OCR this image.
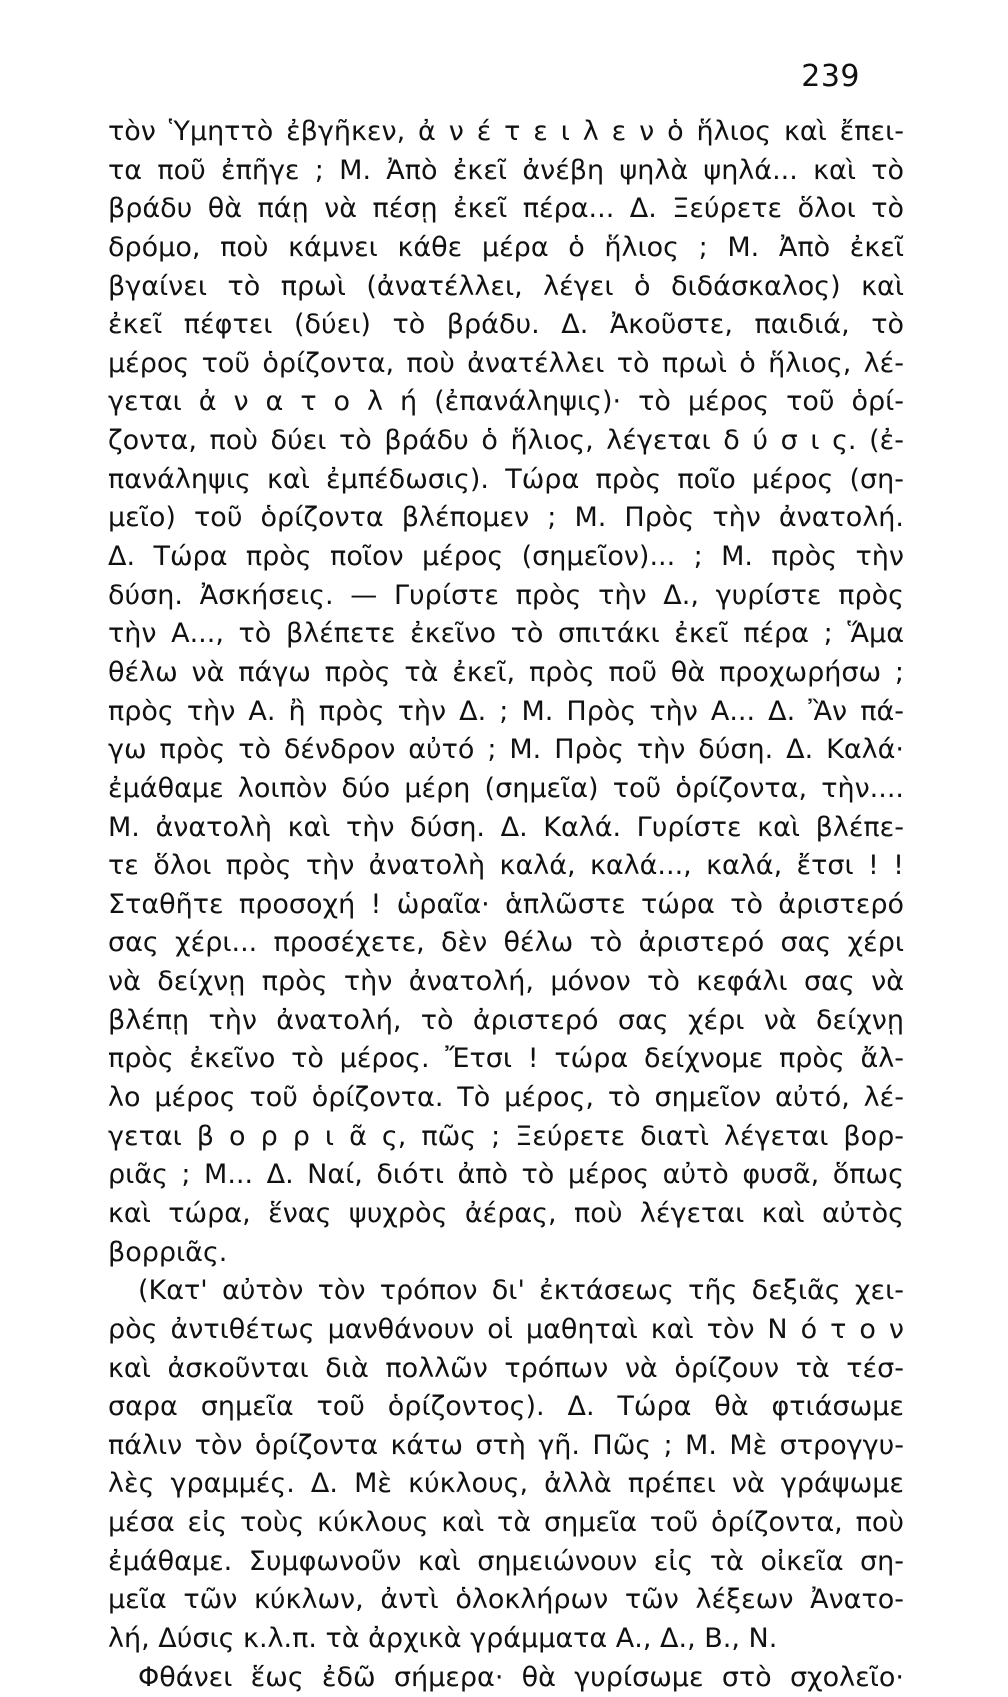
239
τὸν Ὑμηττὸ ἐβγῆκεν, ἀ ν έ τ ε ι λ ε ν ὁ ἥλιος καὶ ἔπει-
τα ποῦ ἐπῆγε ; Μ. Ἀπὸ ἐκεῖ ἀνέβη ψηλὰ ψηλά... καὶ τὸ
βράδυ θὰ πάῃ νὰ πέσῃ ἐκεῖ πέρα... Δ. Ξεύρετε ὅλοι τὸ
δρόμο, ποὺ κάμνει κάθε μέρα ὁ ἥλιος ; Μ. Ἀπὸ ἐκεῖ
βγαίνει τὸ πρωὶ (ἀνατέλλει, λέγει ὁ διδάσκαλος) καὶ
ἐκεῖ πέφτει (δύει) τὸ βράδυ. Δ. Ἀκοῦστε, παιδιά, τὸ
μέρος τοῦ ὁρίζοντα, ποὺ ἀνατέλλει τὸ πρωὶ ὁ ἥλιος, λέ-
γεται ἀ ν α τ ο λ ή (ἐπανάληψις)· τὸ μέρος τοῦ ὁρί-
ζοντα, ποὺ δύει τὸ βράδυ ὁ ἥλιος, λέγεται δ ύ σ ι ς. (ἐ-
πανάληψις καὶ ἐμπέδωσις). Τώρα πρὸς ποῖο μέρος (ση-
μεῖο) τοῦ ὁρίζοντα βλέπομεν ; Μ. Πρὸς τὴν ἀνατολή.
Δ. Τώρα πρὸς ποῖον μέρος (σημεῖον)... ; Μ. πρὸς τὴν
δύση. Ἀσκήσεις. — Γυρίστε πρὸς τὴν Δ., γυρίστε πρὸς
τὴν Α..., τὸ βλέπετε ἐκεῖνο τὸ σπιτάκι ἐκεῖ πέρα ; Ἅμα
θέλω νὰ πάγω πρὸς τὰ ἐκεῖ, πρὸς ποῦ θὰ προχωρήσω ;
πρὸς τὴν Α. ἢ πρὸς τὴν Δ. ; Μ. Πρὸς τὴν Α... Δ. Ἂν πά-
γω πρὸς τὸ δένδρον αὐτό ; Μ. Πρὸς τὴν δύση. Δ. Καλά·
ἐμάθαμε λοιπὸν δύο μέρη (σημεῖα) τοῦ ὁρίζοντα, τὴν....
Μ. ἀνατολὴ καὶ τὴν δύση. Δ. Καλά. Γυρίστε καὶ βλέπε-
τε ὅλοι πρὸς τὴν ἀνατολὴ καλά, καλά..., καλά, ἔτσι ! !
Σταθῆτε προσοχή ! ὡραῖα· ἁπλῶστε τώρα τὸ ἀριστερό
σας χέρι... προσέχετε, δὲν θέλω τὸ ἀριστερό σας χέρι
νὰ δείχνῃ πρὸς τὴν ἀνατολή, μόνον τὸ κεφάλι σας νὰ
βλέπῃ τὴν ἀνατολή, τὸ ἀριστερό σας χέρι νὰ δείχνῃ
πρὸς ἐκεῖνο τὸ μέρος. Ἔτσι ! τώρα δείχνομε πρὸς ἄλ-
λο μέρος τοῦ ὁρίζοντα. Τὸ μέρος, τὸ σημεῖον αὐτό, λέ-
γεται β ο ρ ρ ι ᾶ ς, πῶς ; Ξεύρετε διατὶ λέγεται βορ-
ριᾶς ; Μ... Δ. Ναί, διότι ἀπὸ τὸ μέρος αὐτὸ φυσᾶ, ὅπως
καὶ τώρα, ἕνας ψυχρὸς ἀέρας, ποὺ λέγεται καὶ αὐτὸς
βορριᾶς.
(Κατ' αὐτὸν τὸν τρόπον δι' ἐκτάσεως τῆς δεξιᾶς χει-
ρὸς ἀντιθέτως μανθάνουν οἱ μαθηταὶ καὶ τὸν Ν ό τ ο ν
καὶ ἀσκοῦνται διὰ πολλῶν τρόπων νὰ ὁρίζουν τὰ τέσ-
σαρα σημεῖα τοῦ ὁρίζοντος). Δ. Τώρα θὰ φτιάσωμε
πάλιν τὸν ὁρίζοντα κάτω στὴ γῆ. Πῶς ; Μ. Μὲ στρογγυ-
λὲς γραμμές. Δ. Μὲ κύκλους, ἀλλὰ πρέπει νὰ γράψωμε
μέσα εἰς τοὺς κύκλους καὶ τὰ σημεῖα τοῦ ὁρίζοντα, ποὺ
ἐμάθαμε. Συμφωνοῦν καὶ σημειώνουν εἰς τὰ οἰκεῖα ση-
μεῖα τῶν κύκλων, ἀντὶ ὁλοκλήρων τῶν λέξεων Ἀνατο-
λή, Δύσις κ.λ.π. τὰ ἀρχικὰ γράμματα Α., Δ., Β., Ν.
Φθάνει ἕως ἐδῶ σήμερα· θὰ γυρίσωμε στὸ σχολεῖο·
